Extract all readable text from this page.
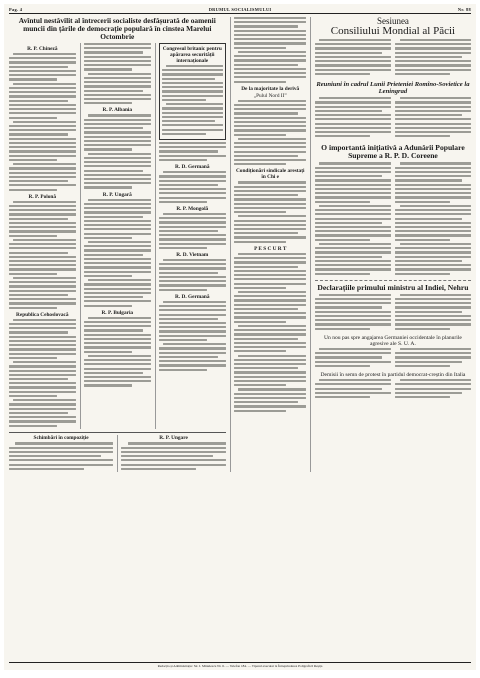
Pag. 4	DRUMUL SOCIALISMULUI	Nr. 88
Avîntul nestăvilit al întrecerii socialiste desfășurată de oamenii muncii din țările de democrație populară în cinstea Marelui Octombrie
R. P. Chineză
R. P. Polonă
Republica Cehoslovacă
R. P. Albania
R. P. Ungară
R. P. Bulgaria
Congresul britanic pentru apărarea securității internaționale
R. D. Germană
R. P. Mongolă
R. D. Vietnam
R. D. Germană
Schimbări în compoziție	R. P. Ungare
De la majoritate la derivă
„Pulul Nord II”
Condiționări sindicale arestați în Chi e
P E S C U R T
Sesiunea
Consiliului Mondial al Păcii
Reuniuni în cadrul Lunii Prieteniei Romîno-Sovietice la Leningrad
O importantă inițiativă a Adunării Populare Supreme a R. P. D. Coreene
Declarațiile primului ministru al Indiei, Nehru
Un nou pas spre angajarea Germaniei occidentale în planurile agresive ale S. U. A.
Demisii în semn de protest în partidul democrat-creștin din Italia
Redacția și Administrația: Str. I. Minulescu Nr. 6. — Telefon 184. — Tiparul executat la Întreprinderea Poligrafică Reșița
